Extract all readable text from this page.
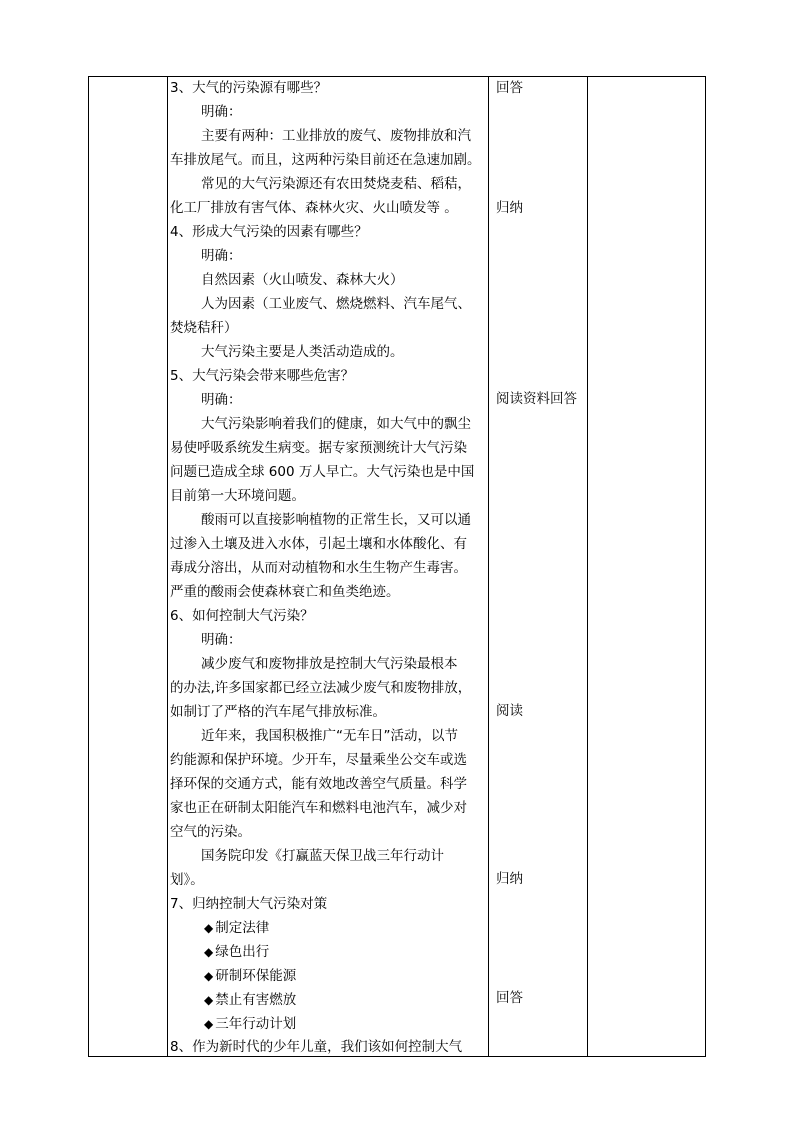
3、大气的污染源有哪些？
明确：
主要有两种：工业排放的废气、废物排放和汽
车排放尾气。而且，这两种污染目前还在急速加剧。
常见的大气污染源还有农田焚烧麦秸、稻秸，
化工厂排放有害气体、森林火灾、火山喷发等 。
4、形成大气污染的因素有哪些？
明确：
自然因素（火山喷发、森林大火）
人为因素（工业废气、燃烧燃料、汽车尾气、
焚烧秸秆）
大气污染主要是人类活动造成的。
5、大气污染会带来哪些危害？
明确：
大气污染影响着我们的健康，如大气中的飘尘
易使呼吸系统发生病变。据专家预测统计大气污染
问题已造成全球 600 万人早亡。大气污染也是中国
目前第一大环境问题。
酸雨可以直接影响植物的正常生长，又可以通
过渗入土壤及进入水体，引起土壤和水体酸化、有
毒成分溶出，从而对动植物和水生生物产生毒害。
严重的酸雨会使森林衰亡和鱼类绝迹。
6、如何控制大气污染？
明确：
减少废气和废物排放是控制大气污染最根本
的办法,许多国家都已经立法减少废气和废物排放，
如制订了严格的汽车尾气排放标准。
近年来，我国积极推广“无车日”活动，以节
约能源和保护环境。少开车，尽量乘坐公交车或选
择环保的交通方式，能有效地改善空气质量。科学
家也正在研制太阳能汽车和燃料电池汽车，减少对
空气的污染。
国务院印发《打赢蓝天保卫战三年行动计
划》。
7、归纳控制大气污染对策
◆ 制定法律
◆ 绿色出行
◆ 研制环保能源
◆ 禁止有害燃放
◆ 三年行动计划
8、作为新时代的少年儿童，我们该如何控制大气
回答
归纳
阅读资料回答
阅读
归纳
回答
